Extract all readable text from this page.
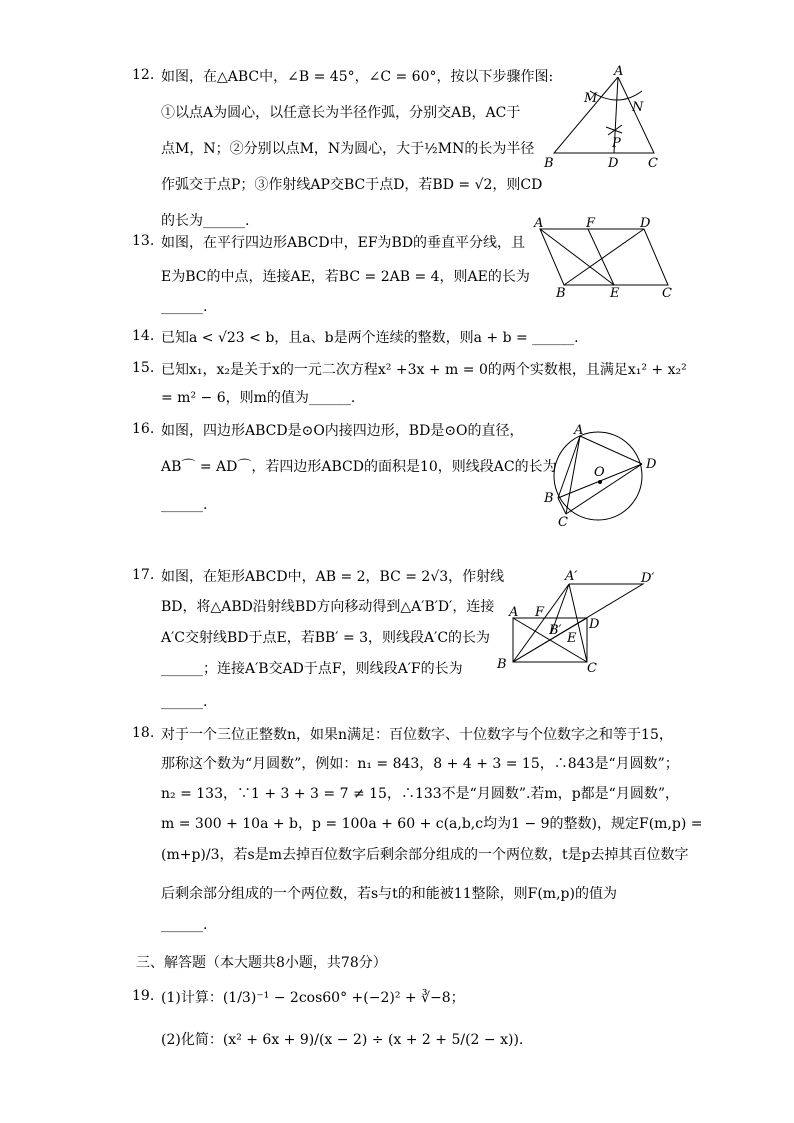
12. 如图，在△ABC中，∠B = 45°，∠C = 60°，按以下步骤作图:
①以点A为圆心，以任意长为半径作弧，分别交AB，AC于
点M，N；②分别以点M，N为圆心，大于½MN的长为半径
作弧交于点P；③作射线AP交BC于点D，若BD = √2，则CD
的长为______.
A
M
N
P
B	D C
13. 如图，在平行四边形ABCD中，EF为BD的垂直平分线，且
E为BC的中点，连接AE，若BC = 2AB = 4，则AE的长为
______.
A	F	D
B	E	C
14. 已知a < √23 < b，且a、b是两个连续的整数，则a + b = ______.
15. 已知x₁，x₂是关于x的一元二次方程x² +3x + m = 0的两个实数根，且满足x₁² + x₂²
= m² − 6，则m的值为______.
16. 如图，四边形ABCD是⊙O内接四边形，BD是⊙O的直径，
AB⌒ = AD⌒，若四边形ABCD的面积是10，则线段AC的长为
______.
A
O
D
B
C
17. 如图，在矩形ABCD中，AB = 2，BC = 2√3，作射线
BD，将△ABD沿射线BD方向移动得到△A′B′D′，连接
A′C交射线BD于点E，若BB′ = 3，则线段A′C的长为
______；连接A′B交AD于点F，则线段A′F的长为
______.
A′	D′
A F
B′ D
E
B	C
18. 对于一个三位正整数n，如果n满足：百位数字、十位数字与个位数字之和等于15，
那称这个数为“月圆数”，例如：n₁ = 843，8 + 4 + 3 = 15，∴843是“月圆数”；
n₂ = 133，∵1 + 3 + 3 = 7 ≠ 15，∴133不是“月圆数”.若m，p都是“月圆数”，
m = 300 + 10a + b，p = 100a + 60 + c(a,b,c均为1 − 9的整数)，规定F(m,p) =
(m+p)/3，若s是m去掉百位数字后剩余部分组成的一个两位数，t是p去掉其百位数字
后剩余部分组成的一个两位数，若s与t的和能被11整除，则F(m,p)的值为
______.
三、解答题（本大题共8小题，共78分）
19. (1)计算：(1/3)⁻¹ − 2cos60° +(−2)² + ∛−8；
(2)化简：(x² + 6x + 9)/(x − 2) ÷ (x + 2 + 5/(2 − x)).
